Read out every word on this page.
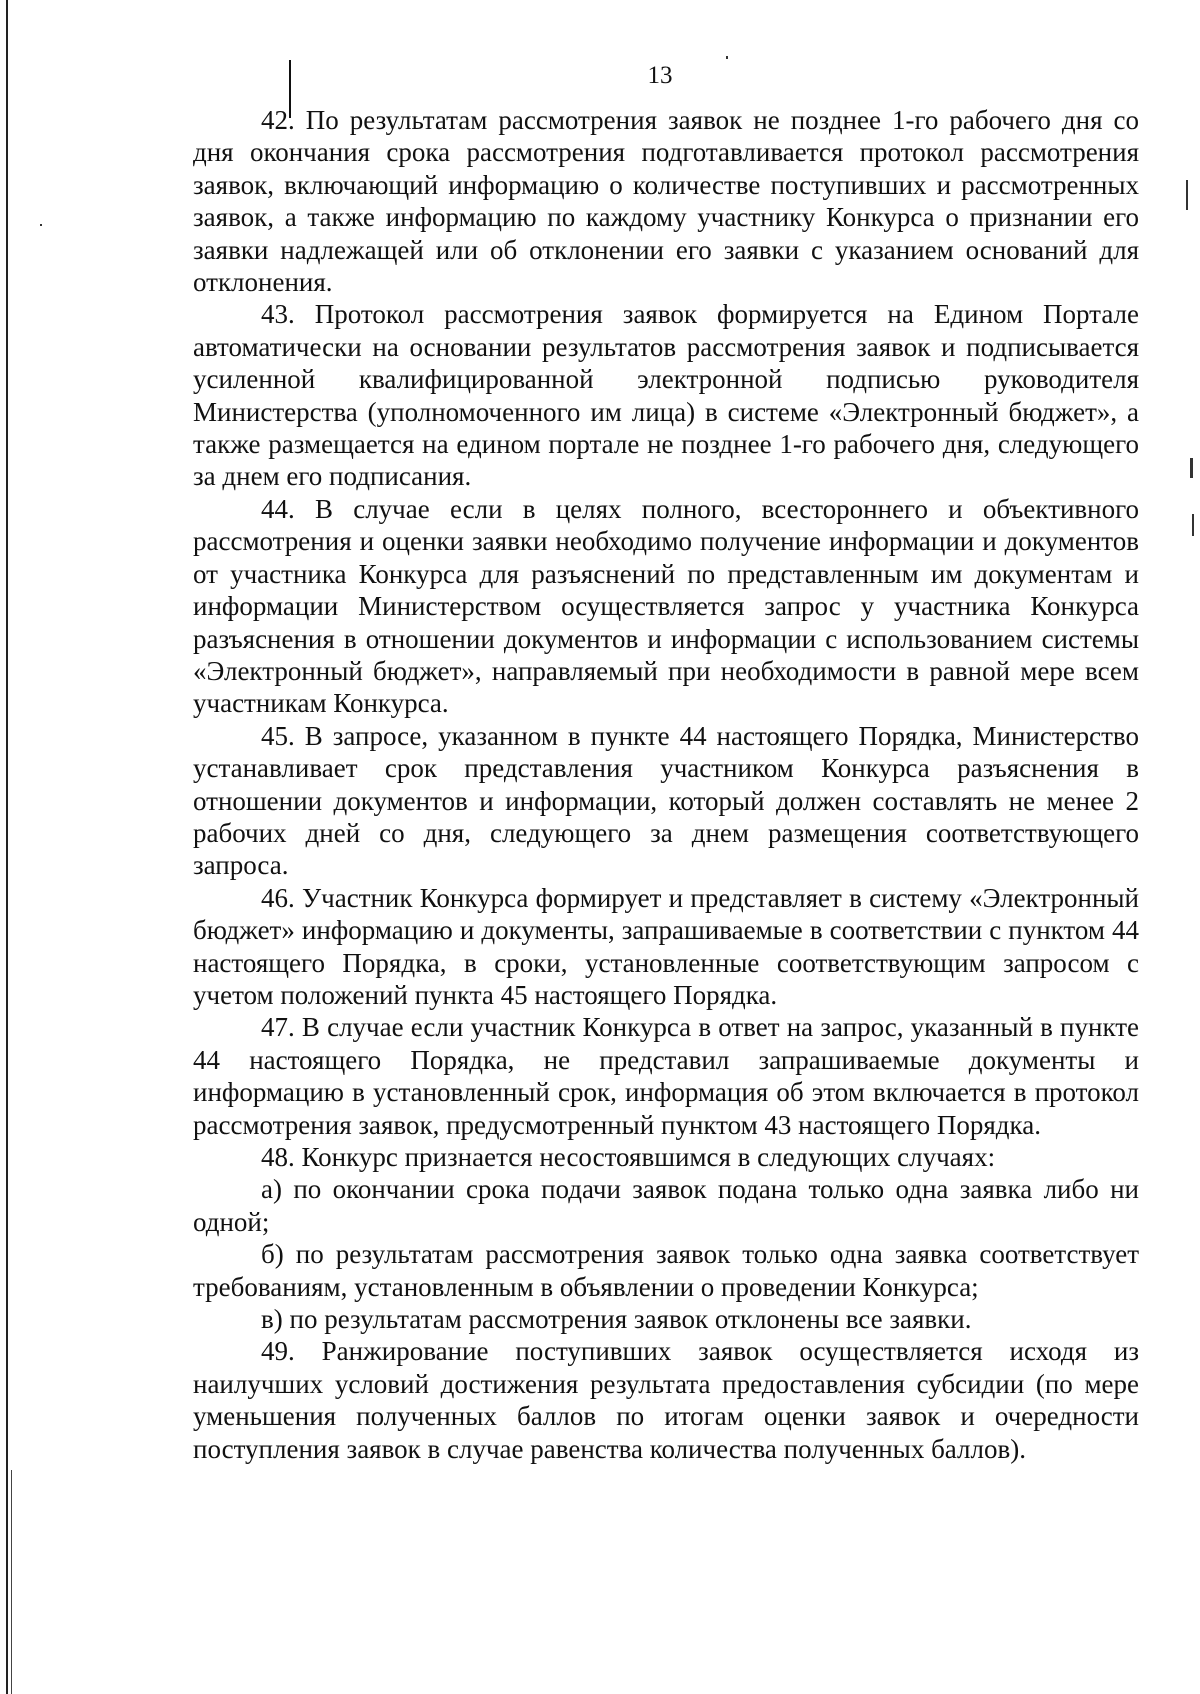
13

42. По результатам рассмотрения заявок не позднее 1-го рабочего дня со дня окончания срока рассмотрения подготавливается протокол рассмотрения заявок, включающий информацию о количестве поступивших и рассмотренных заявок, а также информацию по каждому участнику Конкурса о признании его заявки надлежащей или об отклонении его заявки с указанием оснований для отклонения.

43. Протокол рассмотрения заявок формируется на Едином Портале автоматически на основании результатов рассмотрения заявок и подписывается усиленной квалифицированной электронной подписью руководителя Министерства (уполномоченного им лица) в системе «Электронный бюджет», а также размещается на едином портале не позднее 1-го рабочего дня, следующего за днем его подписания.

44. В случае если в целях полного, всестороннего и объективного рассмотрения и оценки заявки необходимо получение информации и документов от участника Конкурса для разъяснений по представленным им документам и информации Министерством осуществляется запрос у участника Конкурса разъяснения в отношении документов и информации с использованием системы «Электронный бюджет», направляемый при необходимости в равной мере всем участникам Конкурса.

45. В запросе, указанном в пункте 44 настоящего Порядка, Министерство устанавливает срок представления участником Конкурса разъяснения в отношении документов и информации, который должен составлять не менее 2 рабочих дней со дня, следующего за днем размещения соответствующего запроса.

46. Участник Конкурса формирует и представляет в систему «Электронный бюджет» информацию и документы, запрашиваемые в соответствии с пунктом 44 настоящего Порядка, в сроки, установленные соответствующим запросом с учетом положений пункта 45 настоящего Порядка.

47. В случае если участник Конкурса в ответ на запрос, указанный в пункте 44 настоящего Порядка, не представил запрашиваемые документы и информацию в установленный срок, информация об этом включается в протокол рассмотрения заявок, предусмотренный пунктом 43 настоящего Порядка.

48. Конкурс признается несостоявшимся в следующих случаях:

а) по окончании срока подачи заявок подана только одна заявка либо ни одной;

б) по результатам рассмотрения заявок только одна заявка соответствует требованиям, установленным в объявлении о проведении Конкурса;

в) по результатам рассмотрения заявок отклонены все заявки.

49. Ранжирование поступивших заявок осуществляется исходя из наилучших условий достижения результата предоставления субсидии (по мере уменьшения полученных баллов по итогам оценки заявок и очередности поступления заявок в случае равенства количества полученных баллов).
